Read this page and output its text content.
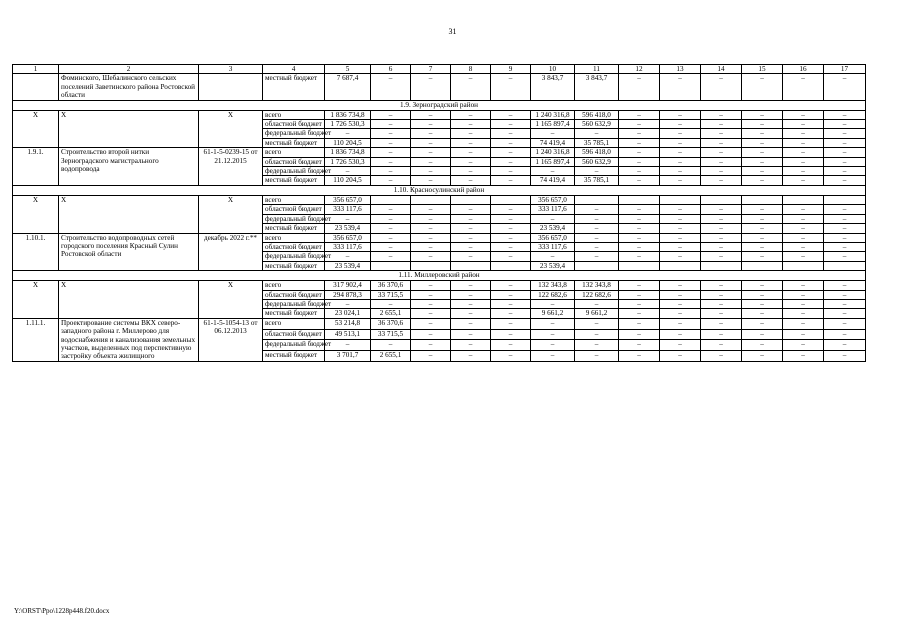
31
1	2	3	4	5	6	7	8	9	10	11	12	13	14	15	16	17
	Фоминского, Шебалинского сельских поселений Заветинского района Ростовской области		местный бюджет	7 687,4	–	–	–	–	3 843,7	3 843,7	–	–	–	–	–	–
1.9. Зерноградский район																
Х	Х	Х	всего	1 836 734,8	–	–	–	–	1 240 316,8	596 418,0	–	–	–	–	–	–
			областной бюджет	1 726 530,3	–	–	–	–	1 165 897,4	560 632,9	–	–	–	–	–	–
			федеральный бюджет	–	–	–	–	–	–	–	–	–	–	–	–	–
			местный бюджет	110 204,5	–	–	–	–	74 419,4	35 785,1	–	–	–	–	–	–
1.9.1.	Строительство второй нитки Зерноградского магистрального водопровода	61-1-5-0239-15 от 21.12.2015	всего	1 836 734,8	–	–	–	–	1 240 316,8	596 418,0	–	–	–	–	–	–
			областной бюджет	1 726 530,3	–	–	–	–	1 165 897,4	560 632,9	–	–	–	–	–	–
			федеральный бюджет	–	–	–	–	–	–	–	–	–	–	–	–	–
			местный бюджет	110 204,5	–	–	–	–	74 419,4	35 785,1	–	–	–	–	–	–
1.10. Красносулинский район																
Х	Х	Х	всего	356 657,0					356 657,0							
			областной бюджет	333 117,6	–	–	–	–	333 117,6	–	–	–	–	–	–	–
			федеральный бюджет	–	–	–	–	–	–	–	–	–	–	–	–	–
			местный бюджет	23 539,4	–	–	–	–	23 539,4	–	–	–	–	–	–	–
1.10.1.	Строительство водопроводных сетей городского поселения Красный Сулин Ростовской области	декабрь 2022 г.**	всего	356 657,0	–	–	–	–	356 657,0	–	–	–	–	–	–	–
			областной бюджет	333 117,6	–	–	–	–	333 117,6	–	–	–	–	–	–	–
			федеральный бюджет	–	–	–	–	–	–	–	–	–	–	–	–	–
			местный бюджет	23 539,4					23 539,4							
1.11. Миллеровский район																
Х	Х	Х	всего	317 902,4	36 370,6	–	–	–	132 343,8	132 343,8	–	–	–	–	–	–
			областной бюджет	294 878,3	33 715,5	–	–	–	122 682,6	122 682,6	–	–	–	–	–	–
			федеральный бюджет	–	–	–	–	–	–	–	–	–	–	–	–	–
			местный бюджет	23 024,1	2 655,1	–	–	–	9 661,2	9 661,2	–	–	–	–	–	–
1.11.1.	Проектирование системы ВКХ северо-западного района г. Миллерово для водоснабжения и канализования земельных участков, выделенных под перспективную застройку объекта жилищного	61-1-5-1054-13 от 06.12.2013	всего	53 214,8	36 370,6	–	–	–	–	–	–	–	–	–	–	–
			областной бюджет	49 513,1	33 715,5	–	–	–	–	–	–	–	–	–	–	–
			федеральный бюджет	–	–	–	–	–	–	–	–	–	–	–	–	–
			местный бюджет	3 701,7	2 655,1	–	–	–	–	–	–	–	–	–	–	–
Y:\ORST\Ppo\1228p448.f20.docx
